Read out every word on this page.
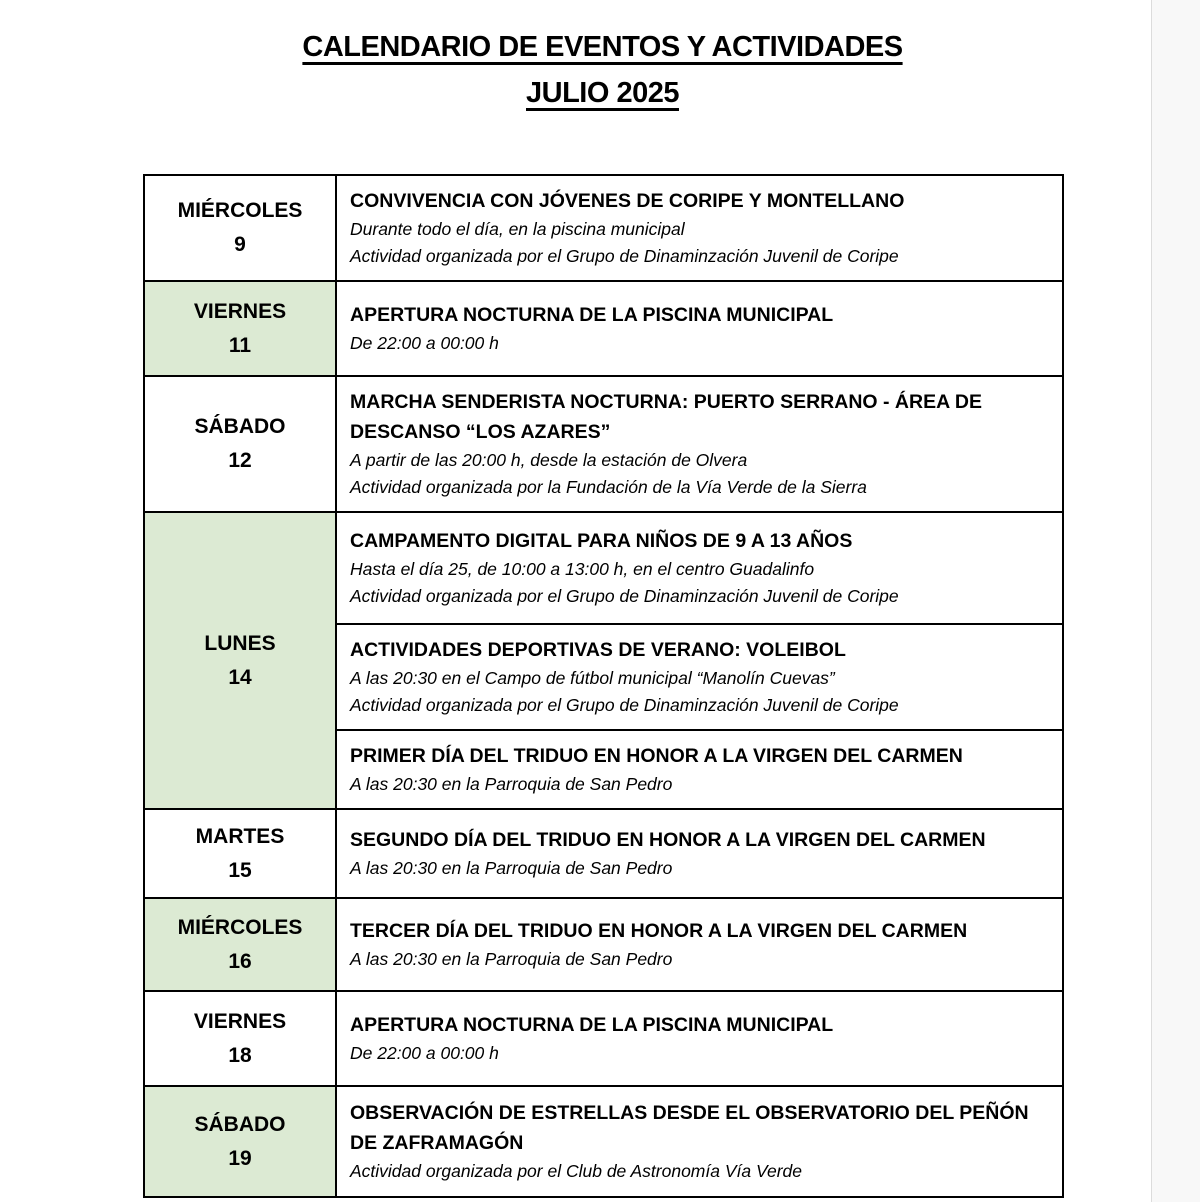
CALENDARIO DE EVENTOS Y ACTIVIDADES
JULIO 2025
MIÉRCOLES
9

CONVIVENCIA CON JÓVENES DE CORIPE Y MONTELLANO
Durante todo el día, en la piscina municipal
Actividad organizada por el Grupo de Dinaminzación Juvenil de Coripe

VIERNES
11

APERTURA NOCTURNA DE LA PISCINA MUNICIPAL
De 22:00 a 00:00 h

SÁBADO
12

MARCHA SENDERISTA NOCTURNA: PUERTO SERRANO - ÁREA DE DESCANSO “LOS AZARES”
A partir de las 20:00 h, desde la estación de Olvera
Actividad organizada por la Fundación de la Vía Verde de la Sierra

LUNES
14

CAMPAMENTO DIGITAL PARA NIÑOS DE 9 A 13 AÑOS
Hasta el día 25, de 10:00 a 13:00 h, en el centro Guadalinfo
Actividad organizada por el Grupo de Dinaminzación Juvenil de Coripe

	ACTIVIDADES DEPORTIVAS DE VERANO: VOLEIBOL
A las 20:30 en el Campo de fútbol municipal “Manolín Cuevas”
Actividad organizada por el Grupo de Dinaminzación Juvenil de Coripe

	PRIMER DÍA DEL TRIDUO EN HONOR A LA VIRGEN DEL CARMEN
A las 20:30 en la Parroquia de San Pedro

MARTES
15

SEGUNDO DÍA DEL TRIDUO EN HONOR A LA VIRGEN DEL CARMEN
A las 20:30 en la Parroquia de San Pedro

MIÉRCOLES
16

TERCER DÍA DEL TRIDUO EN HONOR A LA VIRGEN DEL CARMEN
A las 20:30 en la Parroquia de San Pedro

VIERNES
18

APERTURA NOCTURNA DE LA PISCINA MUNICIPAL
De 22:00 a 00:00 h

SÁBADO
19

OBSERVACIÓN DE ESTRELLAS DESDE EL OBSERVATORIO DEL PEÑÓN DE ZAFRAMAGÓN
Actividad organizada por el Club de Astronomía Vía Verde
